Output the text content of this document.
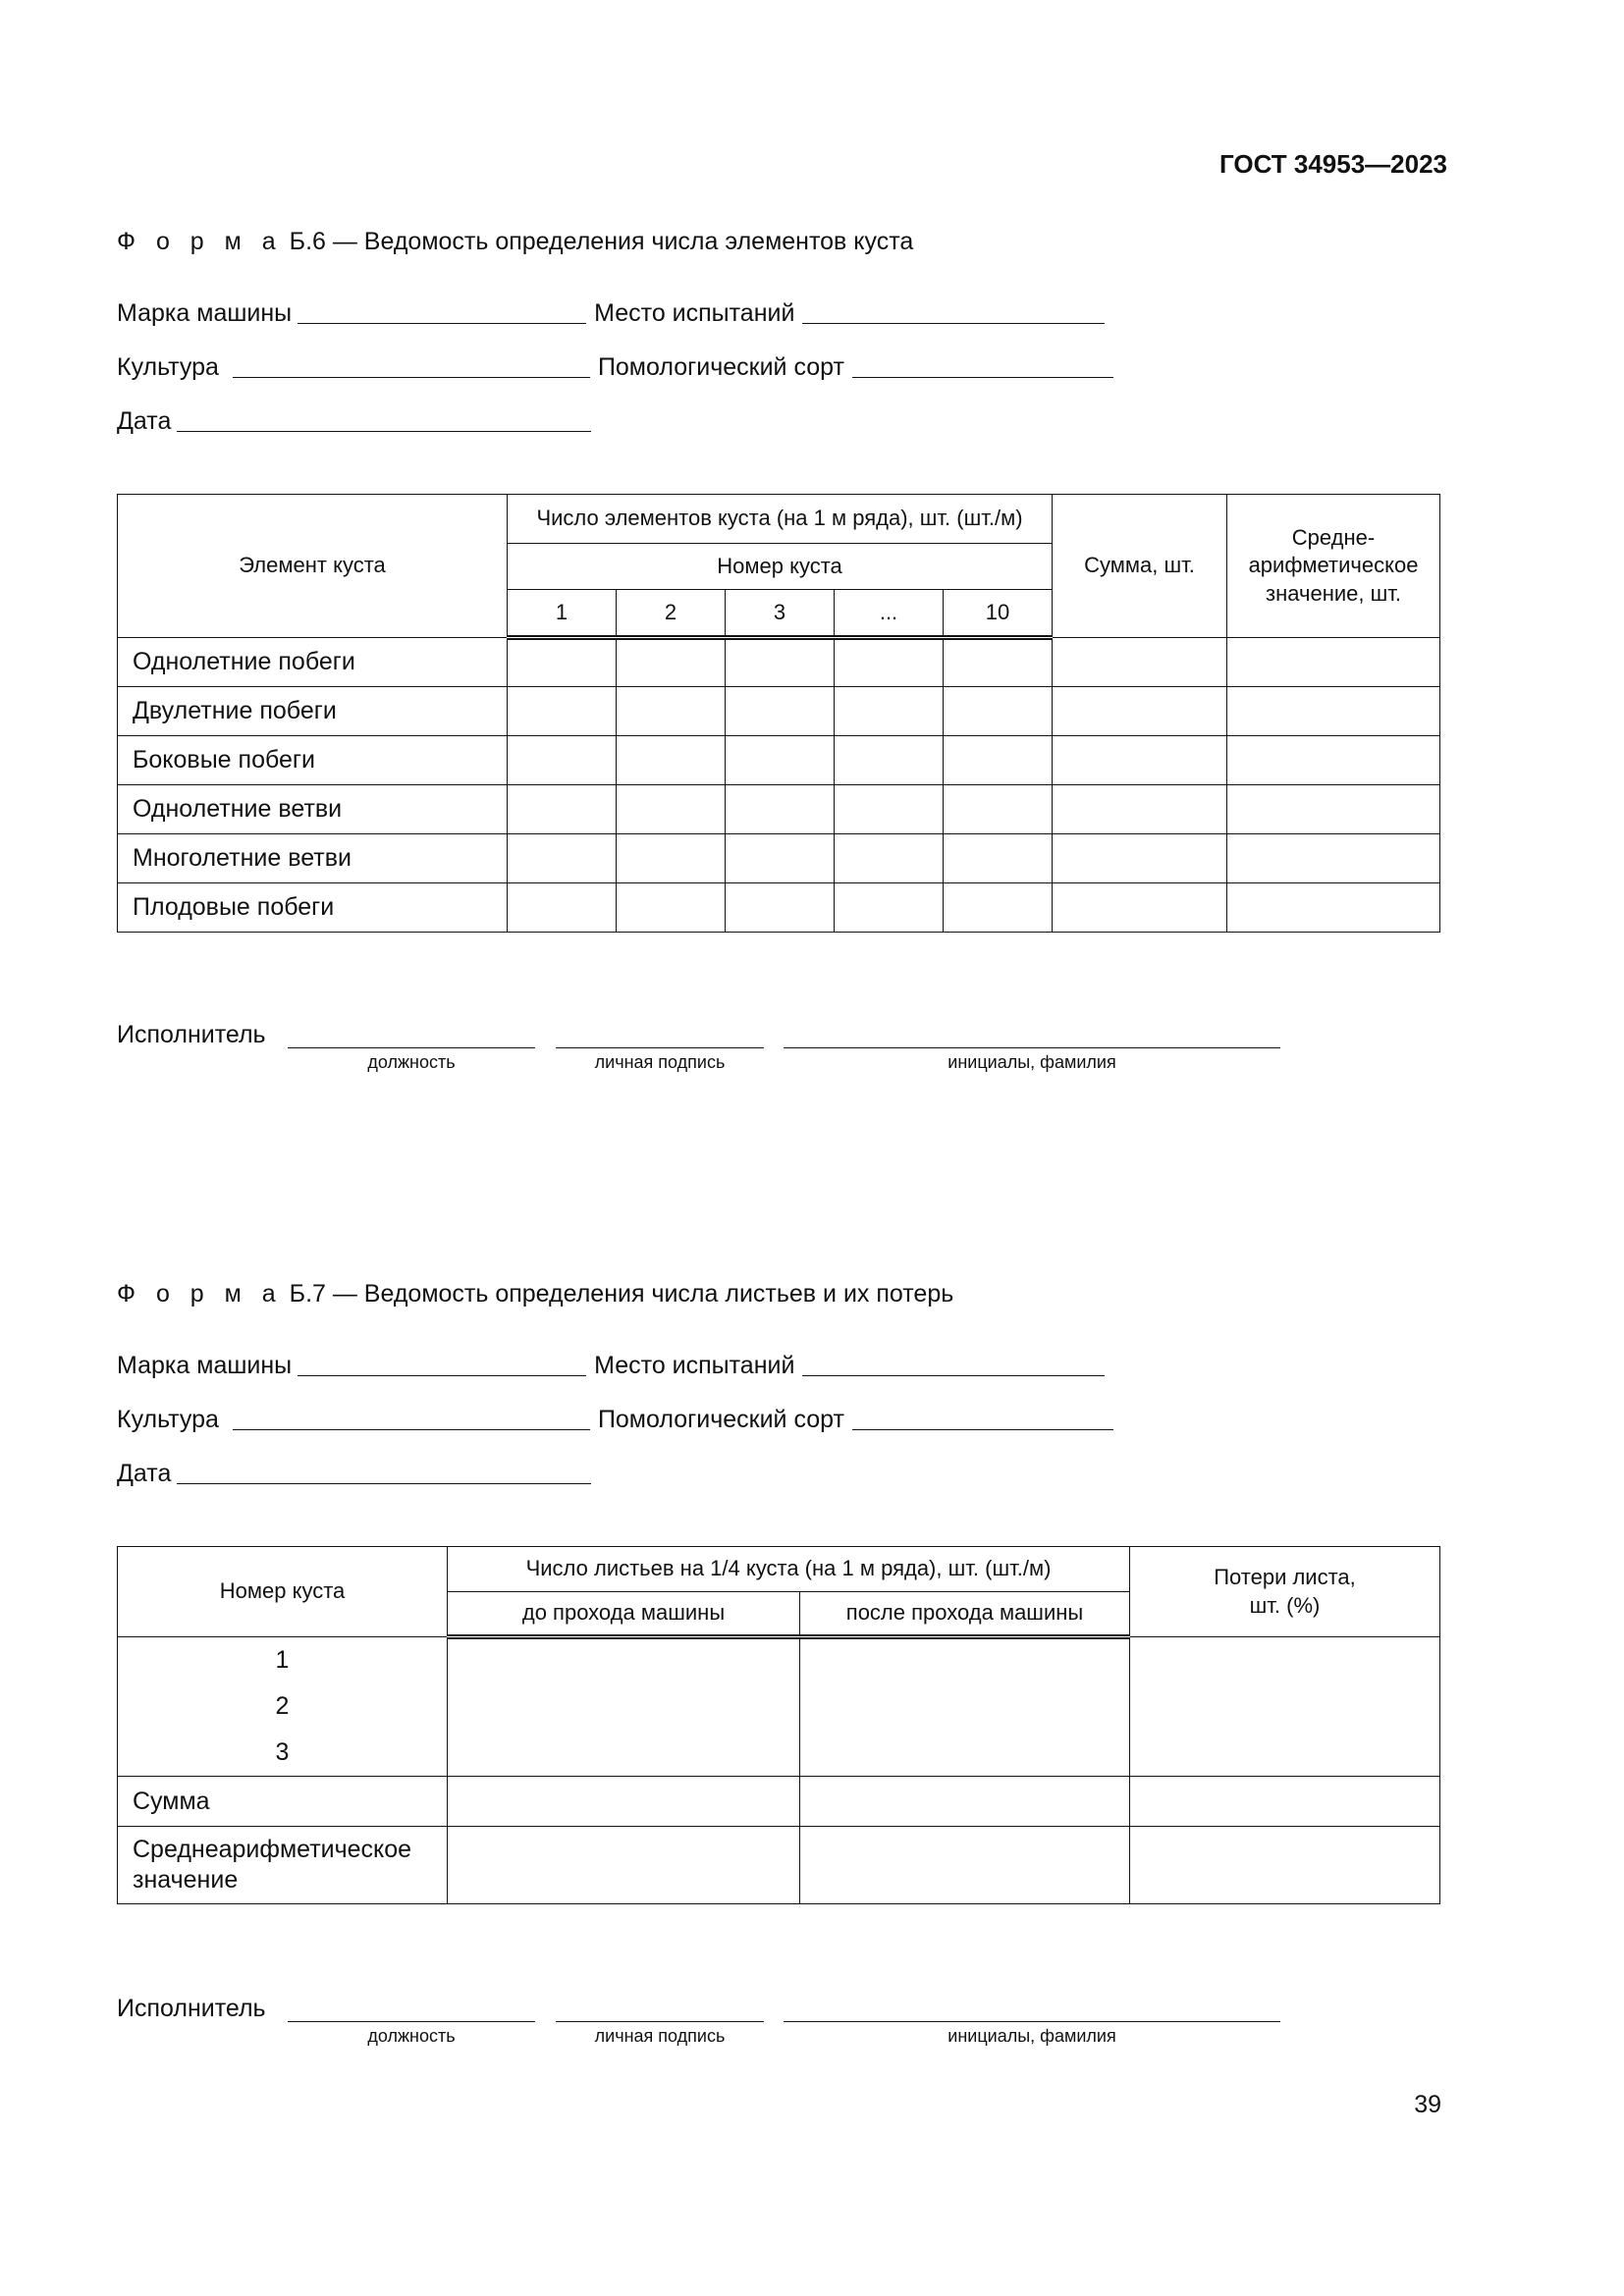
ГОСТ 34953—2023
Ф о р м а Б.6 — Ведомость определения числа элементов куста
Марка машины	Место испытаний
Культура	Помологический сорт
Дата
Элемент куста	Число элементов куста (на 1 м ряда), шт. (шт./м)					Сумма, шт.	Средне-
арифметическое
значение, шт.

	Номер куста						
	1	2	3	...	10		
Однолетние побеги							
Двулетние побеги							
Боковые побеги							
Однолетние ветви							
Многолетние ветви							
Плодовые побеги							
Исполнитель
должность	личная подпись	инициалы, фамилия
Ф о р м а Б.7 — Ведомость определения числа листьев и их потерь
Марка машины	Место испытаний
Культура	Помологический сорт
Дата
Номер куста	Число листьев на 1/4 куста (на 1 м ряда), шт. (шт./м)		Потери листа,
шт. (%)

	до прохода машины	после прохода машины	

1
2
3			

Сумма			

Среднеарифметическое
значение			

Исполнитель
должность	личная подпись	инициалы, фамилия
39
